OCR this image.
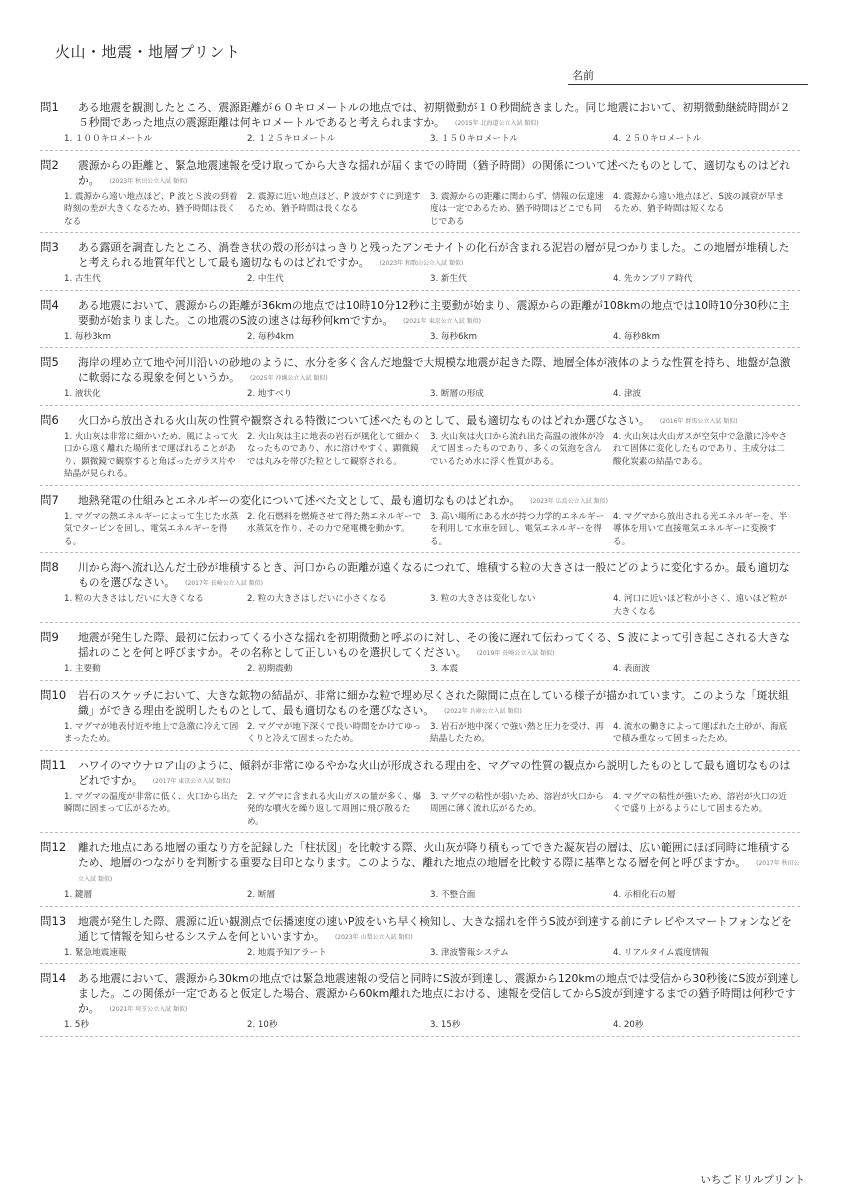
火山・地震・地層プリント
名前
問1	ある地震を観測したところ、震源距離が６０キロメートルの地点では、初期微動が１０秒間続きました。同じ地震において、初期微動継続時間が２５秒間であった地点の震源距離は何キロメートルであると考えられますか。 (2015年 北海道公立入試 類似)
1. １００キロメートル	2. １２５キロメートル	3. １５０キロメートル	4. ２５０キロメートル
問2	震源からの距離と、緊急地震速報を受け取ってから大きな揺れが届くまでの時間（猶予時間）の関係について述べたものとして、適切なものはどれか。 (2023年 秋田公立入試 類似)
1. 震源から遠い地点ほど、P 波とＳ波の到着時刻の差が大きくなるため、猶予時間は長くなる
2. 震源に近い地点ほど、P 波がすぐに到達するため、猶予時間は長くなる
3. 震源からの距離に関わらず、情報の伝達速度は一定であるため、猶予時間はどこでも同じである
4. 震源から遠い地点ほど、S波の減衰が早まるため、猶予時間は短くなる
問3	ある露頭を調査したところ、渦巻き状の殻の形がはっきりと残ったアンモナイトの化石が含まれる泥岩の層が見つかりました。この地層が堆積したと考えられる地質年代として最も適切なものはどれですか。 (2023年 和歌山公立入試 類似)
1. 古生代	2. 中生代	3. 新生代	4. 先カンブリア時代
問4	ある地震において、震源からの距離が36kmの地点では10時10分12秒に主要動が始まり、震源からの距離が108kmの地点では10時10分30秒に主要動が始まりました。この地震のS波の速さは毎秒何kmですか。 (2021年 東京公立入試 類似)
1. 毎秒3km	2. 毎秒4km	3. 毎秒6km	4. 毎秒8km
問5	海岸の埋め立て地や河川沿いの砂地のように、水分を多く含んだ地盤で大規模な地震が起きた際、地層全体が液体のような性質を持ち、地盤が急激に軟弱になる現象を何というか。 (2025年 沖縄公立入試 類似)
1. 液状化	2. 地すべり	3. 断層の形成	4. 津波
問6	火口から放出される火山灰の性質や観察される特徴について述べたものとして、最も適切なものはどれか選びなさい。 (2016年 群馬公立入試 類似)
1. 火山灰は非常に細かいため、風によって火口から遠く離れた場所まで運ばれることがあり、顕微鏡で観察すると角ばったガラス片や結晶が見られる。
2. 火山灰は主に地表の岩石が風化して細かくなったものであり、水に溶けやすく、顕微鏡では丸みを帯びた粒として観察される。
3. 火山灰は火口から流れ出た高温の液体が冷えて固まったものであり、多くの気泡を含んでいるため水に浮く性質がある。
4. 火山灰は火山ガスが空気中で急激に冷やされて固体に変化したものであり、主成分は二酸化炭素の結晶である。
問7	地熱発電の仕組みとエネルギーの変化について述べた文として、最も適切なものはどれか。 (2023年 広島公立入試 類似)
1. マグマの熱エネルギーによって生じた水蒸気でタービンを回し、電気エネルギーを得る。
2. 化石燃料を燃焼させて得た熱エネルギーで水蒸気を作り、その力で発電機を動かす。
3. 高い場所にある水が持つ力学的エネルギーを利用して水車を回し、電気エネルギーを得る。
4. マグマから放出される光エネルギーを、半導体を用いて直接電気エネルギーに変換する。
問8	川から海へ流れ込んだ土砂が堆積するとき、河口からの距離が遠くなるにつれて、堆積する粒の大きさは一般にどのように変化するか。最も適切なものを選びなさい。 (2017年 長崎公立入試 類似)
1. 粒の大きさはしだいに大きくなる	2. 粒の大きさはしだいに小さくなる	3. 粒の大きさは変化しない	4. 河口に近いほど粒が小さく、遠いほど粒が大きくなる
問9	地震が発生した際、最初に伝わってくる小さな揺れを初期微動と呼ぶのに対し、その後に遅れて伝わってくる、S 波によって引き起こされる大きな揺れのことを何と呼びますか。その名称として正しいものを選択してください。 (2019年 長崎公立入試 類似)
1. 主要動	2. 初期震動	3. 本震	4. 表面波
問10	岩石のスケッチにおいて、大きな鉱物の結晶が、非常に細かな粒で埋め尽くされた隙間に点在している様子が描かれています。このような「斑状組織」ができる理由を説明したものとして、最も適切なものを選びなさい。 (2022年 兵庫公立入試 類似)
1. マグマが地表付近や地上で急激に冷えて固まったため。
2. マグマが地下深くで長い時間をかけてゆっくりと冷えて固まったため。
3. 岩石が地中深くで強い熱と圧力を受け、再結晶したため。
4. 流水の働きによって運ばれた土砂が、海底で積み重なって固まったため。
問11	ハワイのマウナロア山のように、傾斜が非常にゆるやかな火山が形成される理由を、マグマの性質の観点から説明したものとして最も適切なものはどれですか。 (2017年 東京公立入試 類似)
1. マグマの温度が非常に低く、火口から出た瞬間に固まって広がるため。
2. マグマに含まれる火山ガスの量が多く、爆発的な噴火を繰り返して周囲に飛び散るため。
3. マグマの粘性が弱いため、溶岩が火口から周囲に薄く流れ広がるため。
4. マグマの粘性が強いため、溶岩が火口の近くで盛り上がるようにして固まるため。
問12	離れた地点にある地層の重なり方を記録した「柱状図」を比較する際、火山灰が降り積もってできた凝灰岩の層は、広い範囲にほぼ同時に堆積するため、地層のつながりを判断する重要な目印となります。このような、離れた地点の地層を比較する際に基準となる層を何と呼びますか。 (2017年 秋田公立入試 類似)
1. 鍵層	2. 断層	3. 不整合面	4. 示相化石の層
問13	地震が発生した際、震源に近い観測点で伝播速度の速いP波をいち早く検知し、大きな揺れを伴うS波が到達する前にテレビやスマートフォンなどを通じて情報を知らせるシステムを何といいますか。 (2023年 山梨公立入試 類似)
1. 緊急地震速報	2. 地震予知アラート	3. 津波警報システム	4. リアルタイム震度情報
問14	ある地震において、震源から30kmの地点では緊急地震速報の受信と同時にS波が到達し、震源から120kmの地点では受信から30秒後にS波が到達しました。この関係が一定であると仮定した場合、震源から60km離れた地点における、速報を受信してからS波が到達するまでの猶予時間は何秒ですか。 (2021年 埼玉公立入試 類似)
1. 5秒	2. 10秒	3. 15秒	4. 20秒
いちごドリルプリント
